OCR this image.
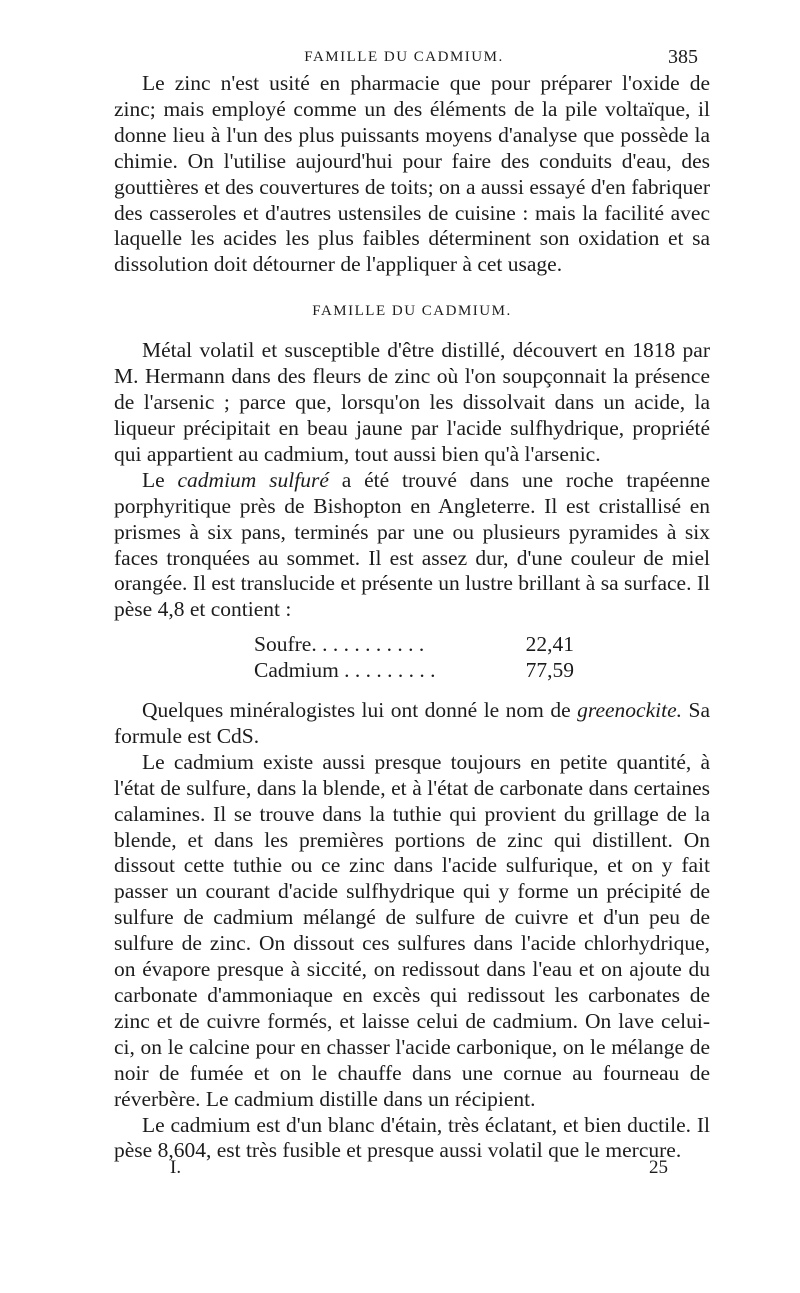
FAMILLE DU CADMIUM.	385

Le zinc n'est usité en pharmacie que pour préparer l'oxide de zinc; mais employé comme un des éléments de la pile voltaïque, il donne lieu à l'un des plus puissants moyens d'analyse que possède la chimie. On l'utilise aujourd'hui pour faire des conduits d'eau, des gouttières et des couvertures de toits; on a aussi essayé d'en fabriquer des casseroles et d'autres ustensiles de cuisine : mais la facilité avec laquelle les acides les plus faibles déterminent son oxidation et sa dissolution doit détourner de l'appliquer à cet usage.

FAMILLE DU CADMIUM.

Métal volatil et susceptible d'être distillé, découvert en 1818 par M. Hermann dans des fleurs de zinc où l'on soupçonnait la présence de l'arsenic ; parce que, lorsqu'on les dissolvait dans un acide, la liqueur précipitait en beau jaune par l'acide sulfhydrique, propriété qui appartient au cadmium, tout aussi bien qu'à l'arsenic.

Le cadmium sulfuré a été trouvé dans une roche trapéenne porphyritique près de Bishopton en Angleterre. Il est cristallisé en prismes à six pans, terminés par une ou plusieurs pyramides à six faces tronquées au sommet. Il est assez dur, d'une couleur de miel orangée. Il est translucide et présente un lustre brillant à sa surface. Il pèse 4,8 et contient :

Soufre. . . . . . . . . . .	22,41
Cadmium . . . . . . . . .	77,59

Quelques minéralogistes lui ont donné le nom de greenockite. Sa formule est CdS.

Le cadmium existe aussi presque toujours en petite quantité, à l'état de sulfure, dans la blende, et à l'état de carbonate dans certaines calamines. Il se trouve dans la tuthie qui provient du grillage de la blende, et dans les premières portions de zinc qui distillent. On dissout cette tuthie ou ce zinc dans l'acide sulfurique, et on y fait passer un courant d'acide sulfhydrique qui y forme un précipité de sulfure de cadmium mélangé de sulfure de cuivre et d'un peu de sulfure de zinc. On dissout ces sulfures dans l'acide chlorhydrique, on évapore presque à siccité, on redissout dans l'eau et on ajoute du carbonate d'ammoniaque en excès qui redissout les carbonates de zinc et de cuivre formés, et laisse celui de cadmium. On lave celui-ci, on le calcine pour en chasser l'acide carbonique, on le mélange de noir de fumée et on le chauffe dans une cornue au fourneau de réverbère. Le cadmium distille dans un récipient.

Le cadmium est d'un blanc d'étain, très éclatant, et bien ductile. Il pèse 8,604, est très fusible et presque aussi volatil que le mercure.

I.	25
